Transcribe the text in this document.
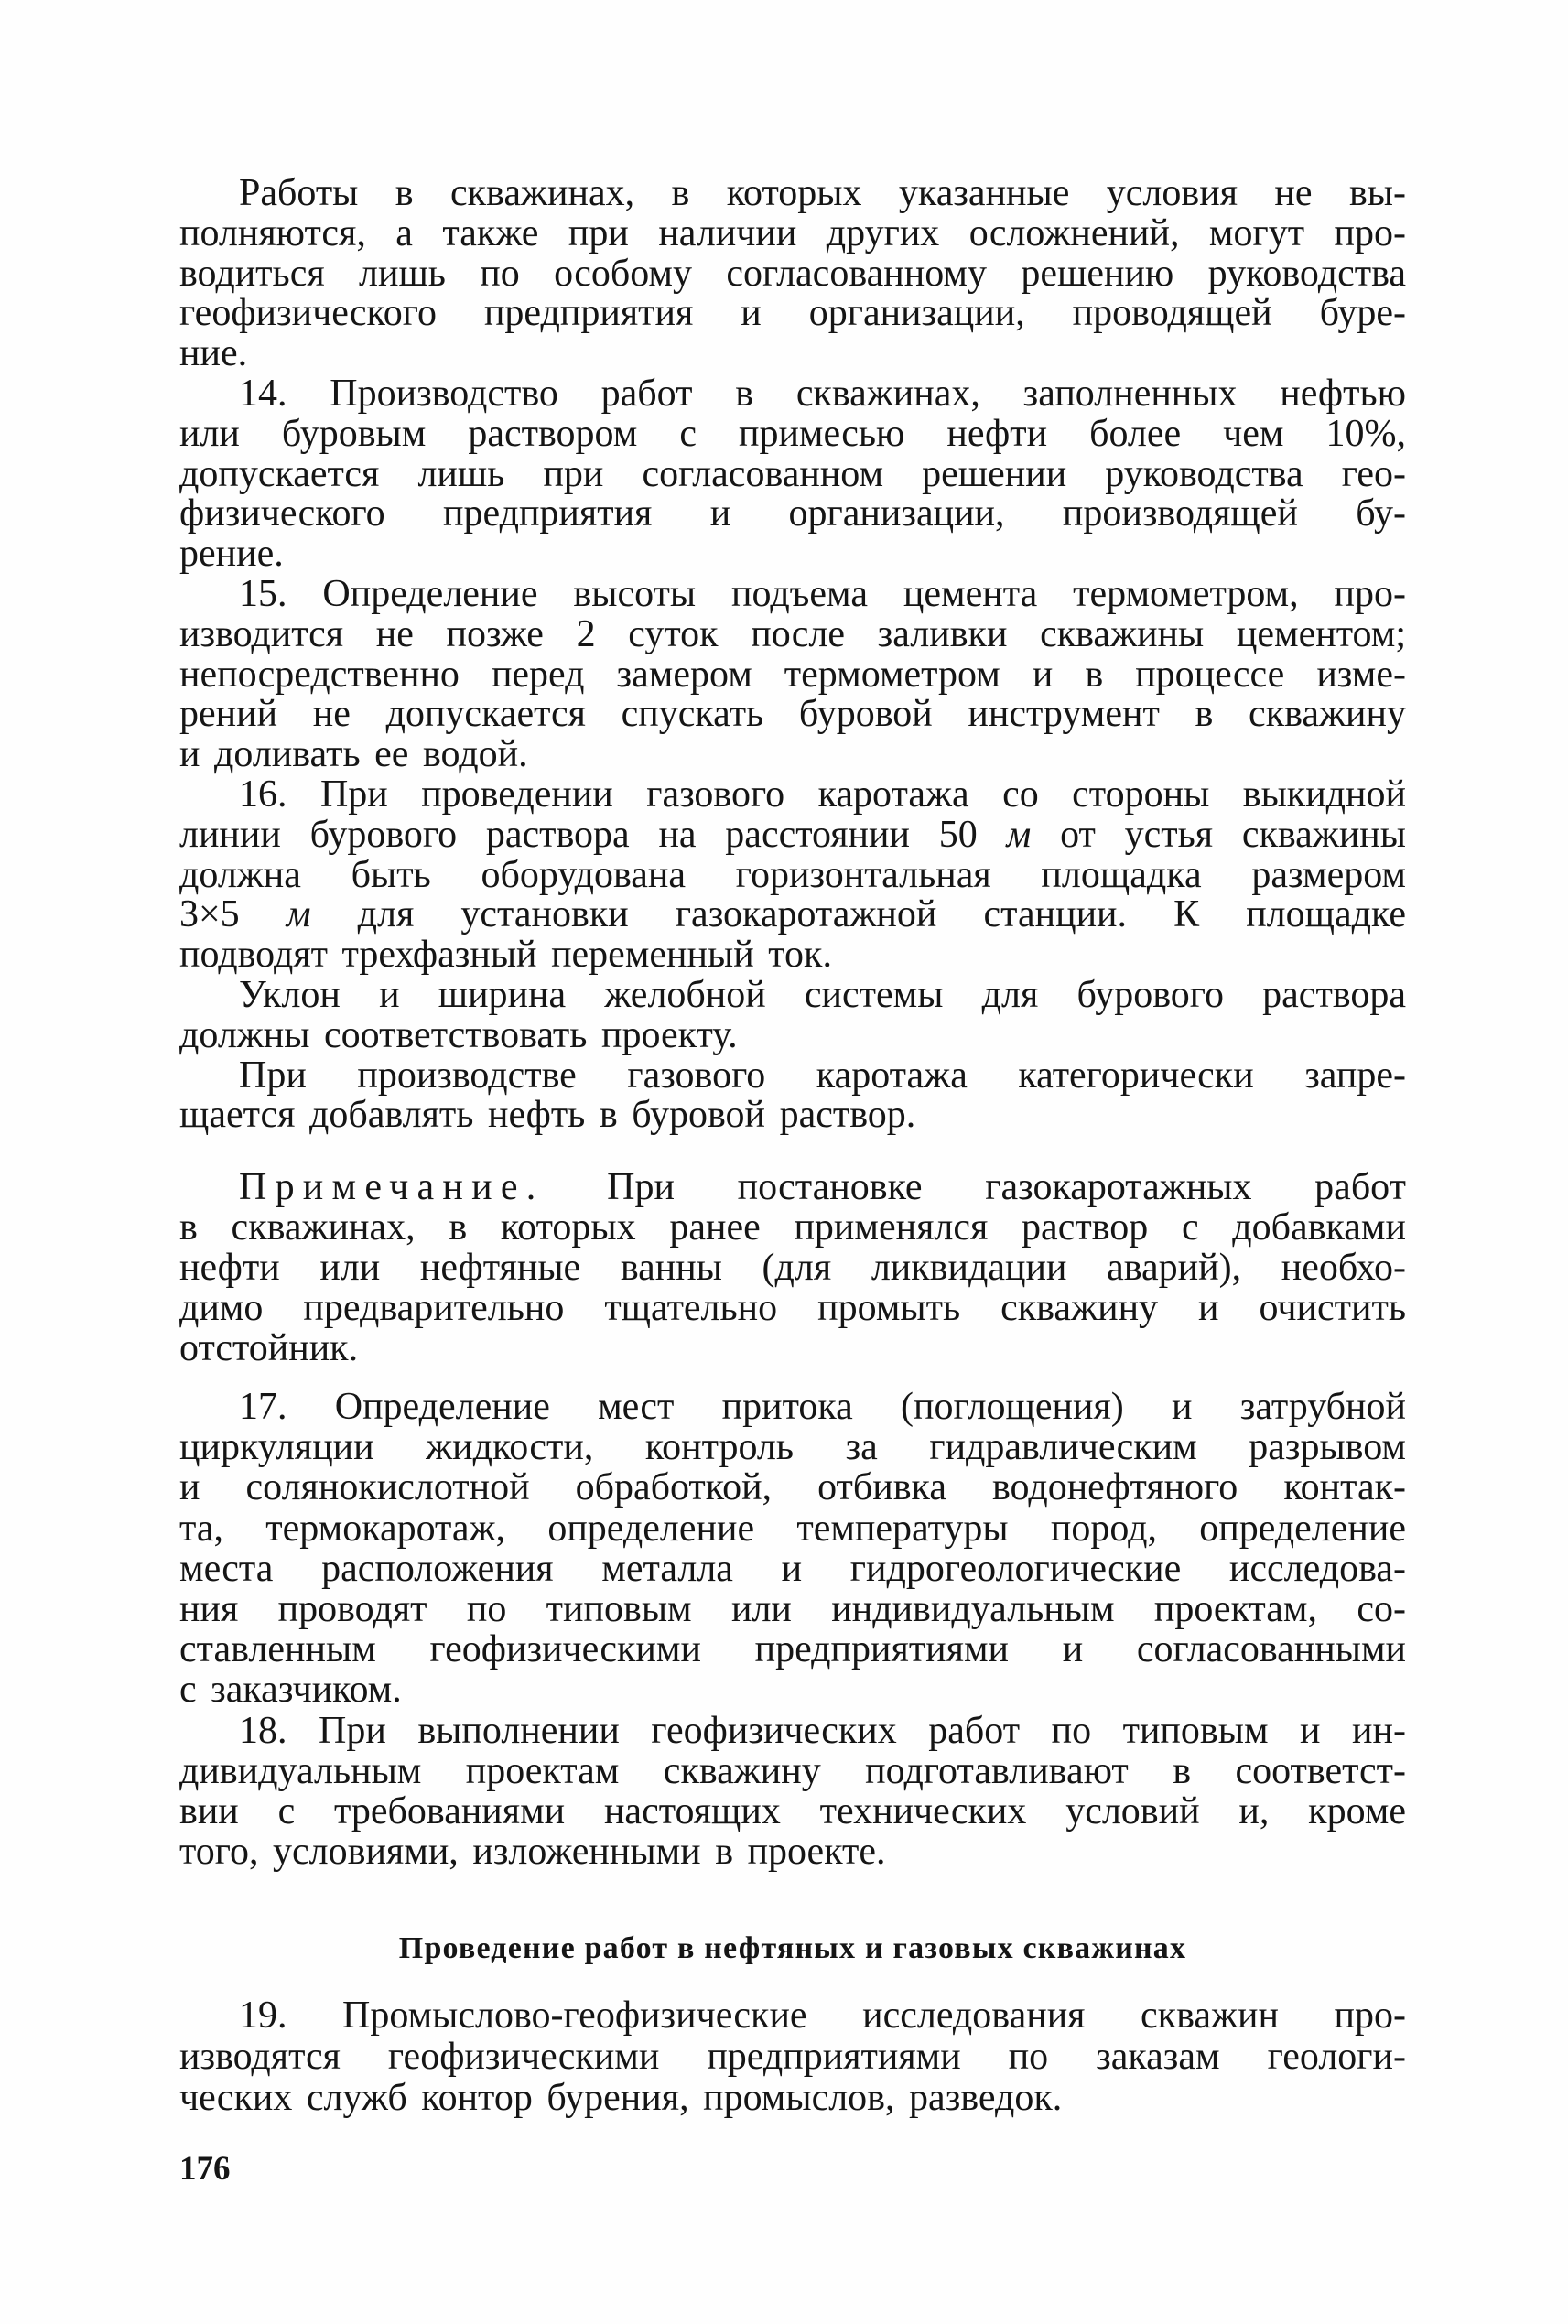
Работы в скважинах, в которых указанные условия не вы-
полняются, а также при наличии других осложнений, могут про-
водиться лишь по особому согласованному решению руководства
геофизического предприятия и организации, проводящей буре-
ние.
14. Производство работ в скважинах, заполненных нефтью
или буровым раствором с примесью нефти более чем 10%,
допускается лишь при согласованном решении руководства гео-
физического предприятия и организации, производящей бу-
рение.
15. Определение высоты подъема цемента термометром, про-
изводится не позже 2 суток после заливки скважины цементом;
непосредственно перед замером термометром и в процессе изме-
рений не допускается спускать буровой инструмент в скважину
и доливать ее водой.
16. При проведении газового каротажа со стороны выкидной
линии бурового раствора на расстоянии 50 м от устья скважины
должна быть оборудована горизонтальная площадка размером
3×5 м для установки газокаротажной станции. К площадке
подводят трехфазный переменный ток.
Уклон и ширина желобной системы для бурового раствора
должны соответствовать проекту.
При производстве газового каротажа категорически запре-
щается добавлять нефть в буровой раствор.
Примечание. При постановке газокаротажных работ
в скважинах, в которых ранее применялся раствор с добавками
нефти или нефтяные ванны (для ликвидации аварий), необхо-
димо предварительно тщательно промыть скважину и очистить
отстойник.
17. Определение мест притока (поглощения) и затрубной
циркуляции жидкости, контроль за гидравлическим разрывом
и солянокислотной обработкой, отбивка водонефтяного контак-
та, термокаротаж, определение температуры пород, определение
места расположения металла и гидрогеологические исследова-
ния проводят по типовым или индивидуальным проектам, со-
ставленным геофизическими предприятиями и согласованными
с заказчиком.
18. При выполнении геофизических работ по типовым и ин-
дивидуальным проектам скважину подготавливают в соответст-
вии с требованиями настоящих технических условий и, кроме
того, условиями, изложенными в проекте.
Проведение работ в нефтяных и газовых скважинах
19. Промыслово-геофизические исследования скважин про-
изводятся геофизическими предприятиями по заказам геологи-
ческих служб контор бурения, промыслов, разведок.
176
